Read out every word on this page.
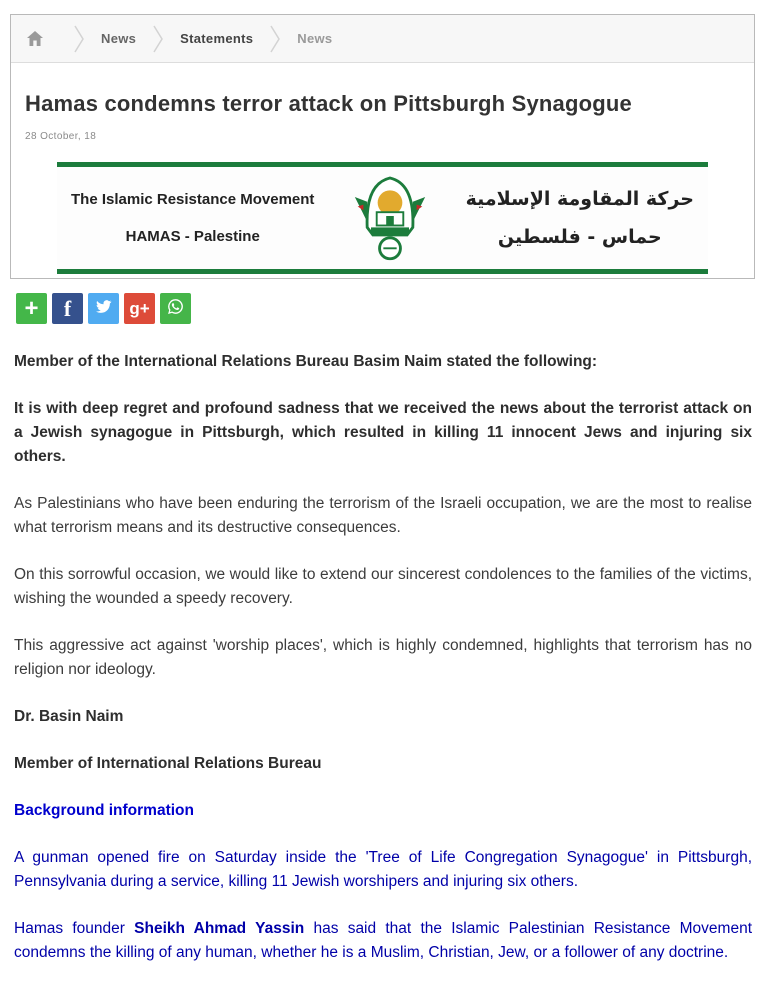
News	Statements	News
Hamas condemns terror attack on Pittsburgh Synagogue
28 October, 18
The Islamic Resistance Movement
HAMAS - Palestine
حركة المقاومة الإسلامية
حماس - فلسطين
+ f	g+

Member of the International Relations Bureau Basim Naim stated the following:

It is with deep regret and profound sadness that we received the news about the terrorist attack on a Jewish synagogue in Pittsburgh, which resulted in killing 11 innocent Jews and injuring six others.

As Palestinians who have been enduring the terrorism of the Israeli occupation, we are the most to realise what terrorism means and its destructive consequences.

On this sorrowful occasion, we would like to extend our sincerest condolences to the families of the victims, wishing the wounded a speedy recovery.

This aggressive act against 'worship places', which is highly condemned, highlights that terrorism has no religion nor ideology.

Dr. Basin Naim

Member of International Relations Bureau

Background information

A gunman opened fire on Saturday inside the 'Tree of Life Congregation Synagogue' in Pittsburgh, Pennsylvania during a service, killing 11 Jewish worshipers and injuring six others.

Hamas founder Sheikh Ahmad Yassin has said that the Islamic Palestinian Resistance Movement condemns the killing of any human, whether he is a Muslim, Christian, Jew, or a follower of any doctrine.
